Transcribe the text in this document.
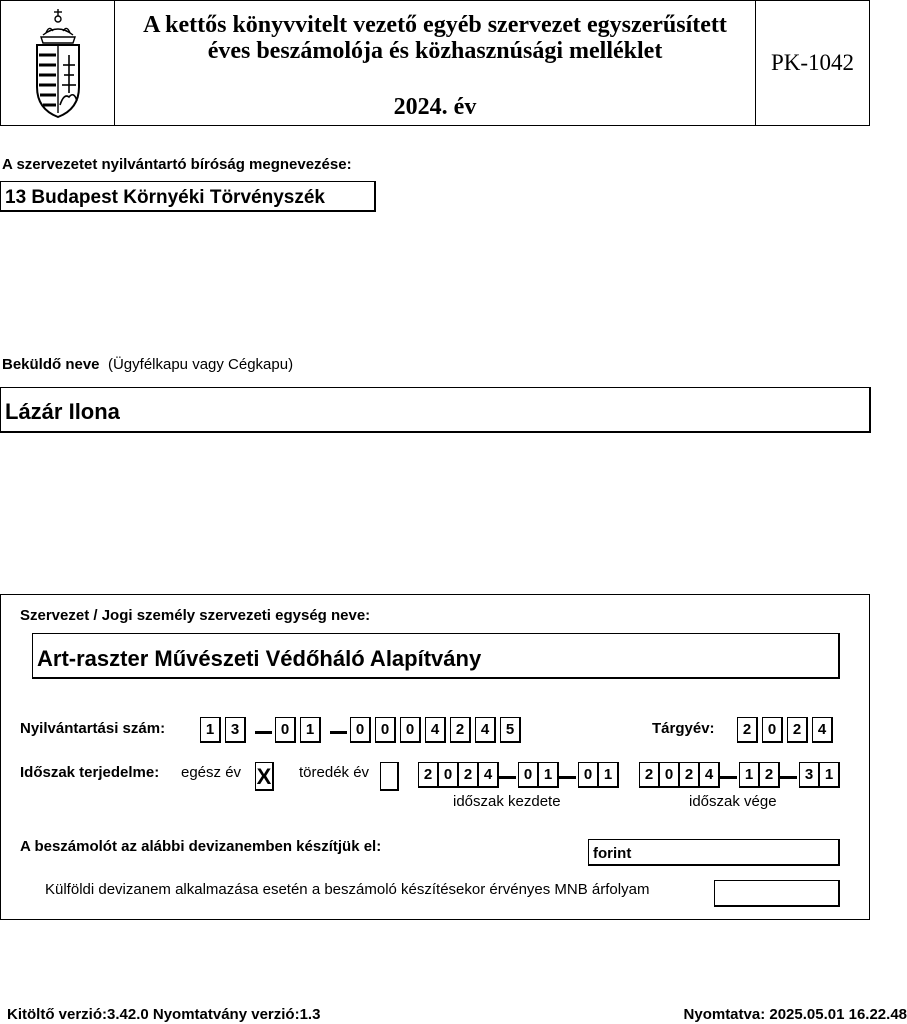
A kettős könyvvitelt vezető egyéb szervezet egyszerűsített
éves beszámolója és közhasznúsági melléklet
2024. év
PK-1042
A szervezetet nyilvántartó bíróság megnevezése:
13 Budapest Környéki Törvényszék
Beküldő neve (Ügyfélkapu vagy Cégkapu)
Lázár Ilona
Szervezet / Jogi személy szervezeti egység neve:
Art-raszter Művészeti Védőháló Alapítvány
Nyilvántartási szám:	1	3	0	1	0	0	0	4	2	4	5	Tárgyév:	2	0	2	4
Időszak terjedelme: egész év X töredék év	2 0 2 4	0 1	0 1	2 0 2 4	1 2	3 1
időszak kezdete	időszak vége
A beszámolót az alábbi devizanemben készítjük el:	forint
Külföldi devizanem alkalmazása esetén a beszámoló készítésekor érvényes MNB árfolyam
Kitöltő verzió:3.42.0 Nyomtatvány verzió:1.3	Nyomtatva: 2025.05.01 16.22.48
